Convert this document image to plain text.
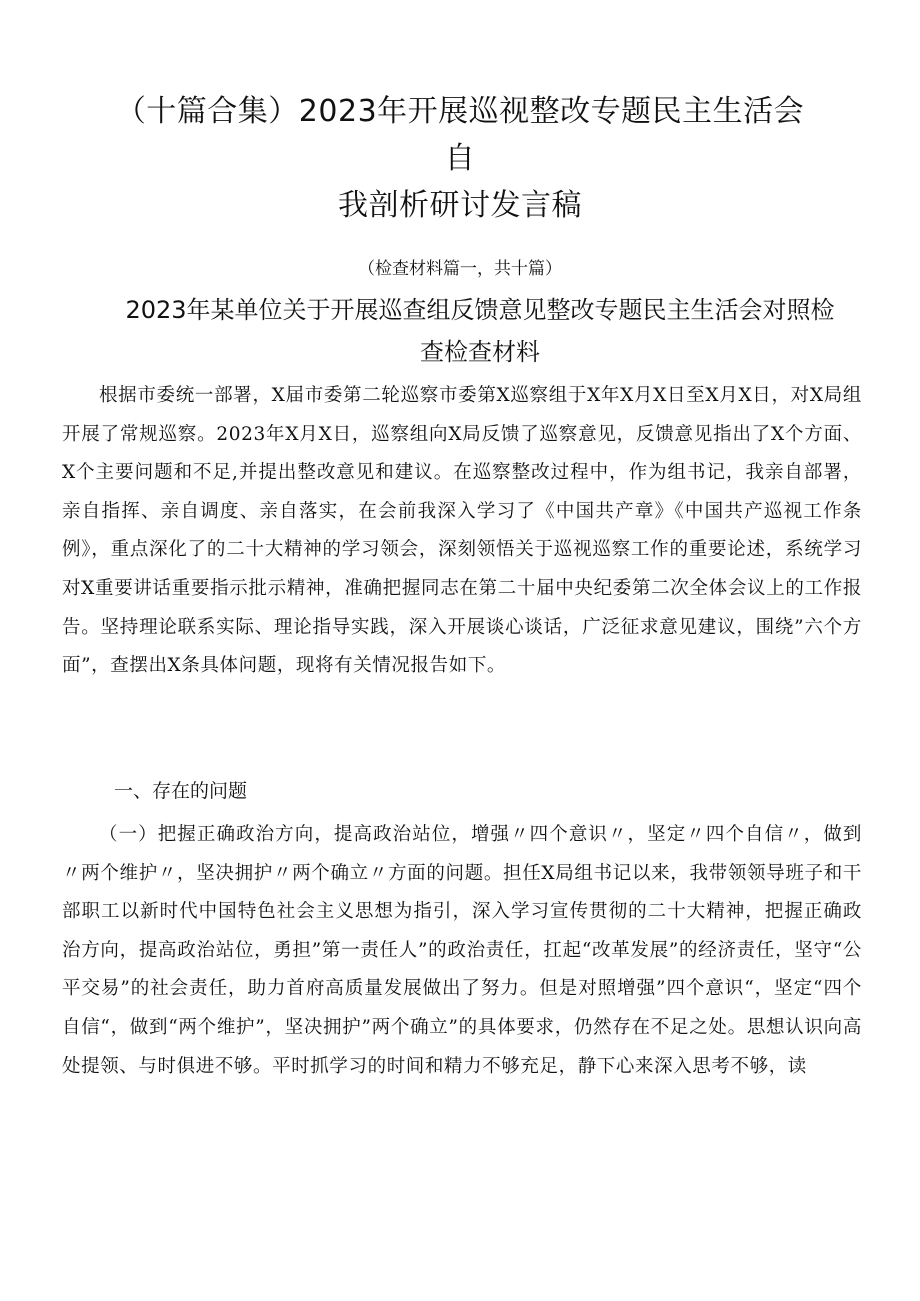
（十篇合集）2023年开展巡视整改专题民主生活会自
我剖析研讨发言稿
（检查材料篇一，共十篇）
2023年某单位关于开展巡查组反馈意见整改专题民主生活会对照检
查检查材料

根据市委统一部署，X届市委第二轮巡察市委第X巡察组于X年X月X日至X月X日，对X局组开展了常规巡察。2023年X月X日，巡察组向X局反馈了巡察意见，反馈意见指出了X个方面、X个主要问题和不足,并提出整改意见和建议。在巡察整改过程中，作为组书记，我亲自部署，亲自指挥、亲自调度、亲自落实，在会前我深入学习了《中国共产章》《中国共产巡视工作条例》，重点深化了的二十大精神的学习领会，深刻领悟关于巡视巡察工作的重要论述，系统学习对X重要讲话重要指示批示精神，准确把握同志在第二十届中央纪委第二次全体会议上的工作报告。坚持理论联系实际、理论指导实践，深入开展谈心谈话，广泛征求意见建议，围绕”六个方面”，查摆出X条具体问题，现将有关情况报告如下。

一、存在的问题

（一）把握正确政治方向，提高政治站位，增强〃四个意识〃，坚定〃四个自信〃，做到〃两个维护〃，坚决拥护〃两个确立〃方面的问题。担任X局组书记以来，我带领领导班子和干部职工以新时代中国特色社会主义思想为指引，深入学习宣传贯彻的二十大精神，把握正确政治方向，提高政治站位，勇担”第一责任人”的政治责任，扛起“改革发展”的经济责任，坚守“公平交易”的社会责任，助力首府高质量发展做出了努力。但是对照增强”四个意识“，坚定“四个自信“，做到“两个维护”，坚决拥护”两个确立”的具体要求，仍然存在不足之处。思想认识向高处提领、与时俱进不够。平时抓学习的时间和精力不够充足，静下心来深入思考不够，读
